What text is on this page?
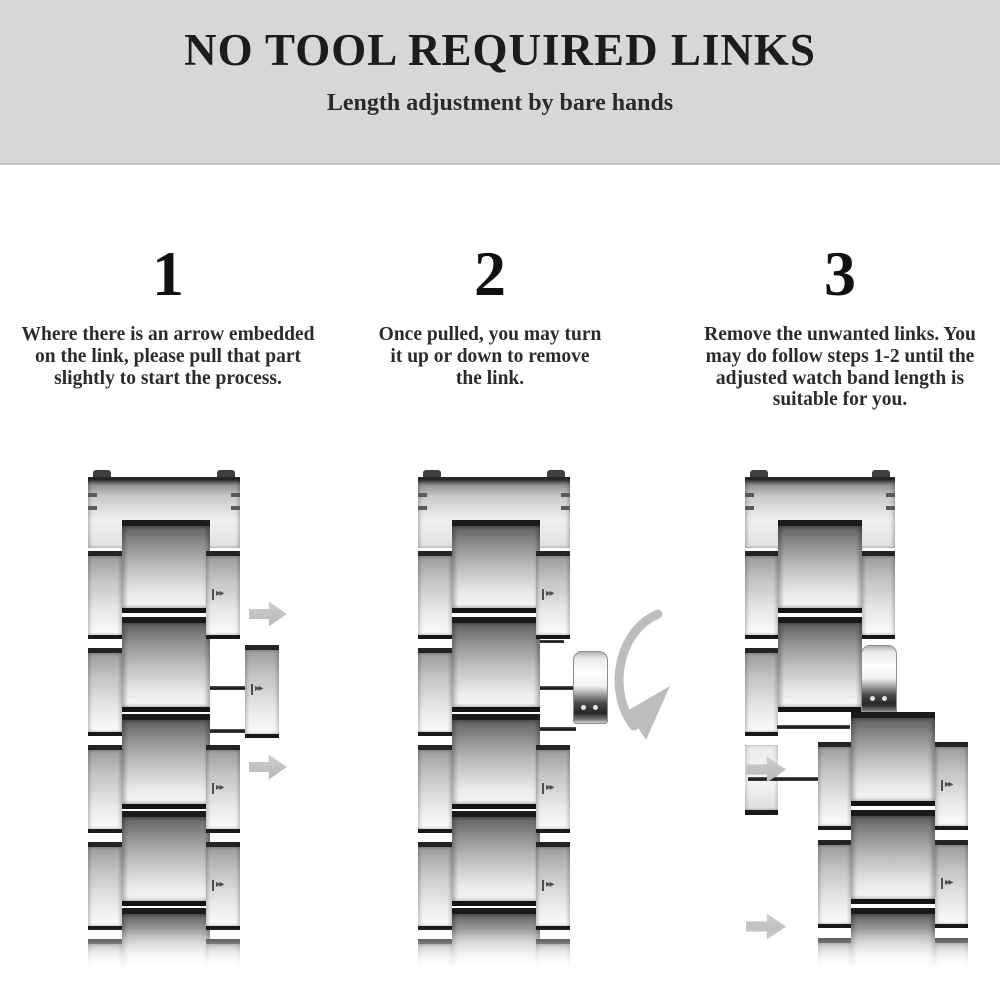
NO TOOL REQUIRED LINKS

Length adjustment by bare hands

1

Where there is an arrow embedded on the link, please pull that part slightly to start the process.

2

Once pulled, you may turn it up or down to remove the link.

3

Remove the unwanted links. You may do follow steps 1-2 until the adjusted watch band length is suitable for you.

▸▸
▸▸
▸▸
▸▸
▸▸
▸▸
▸▸
▸▸
▸▸
